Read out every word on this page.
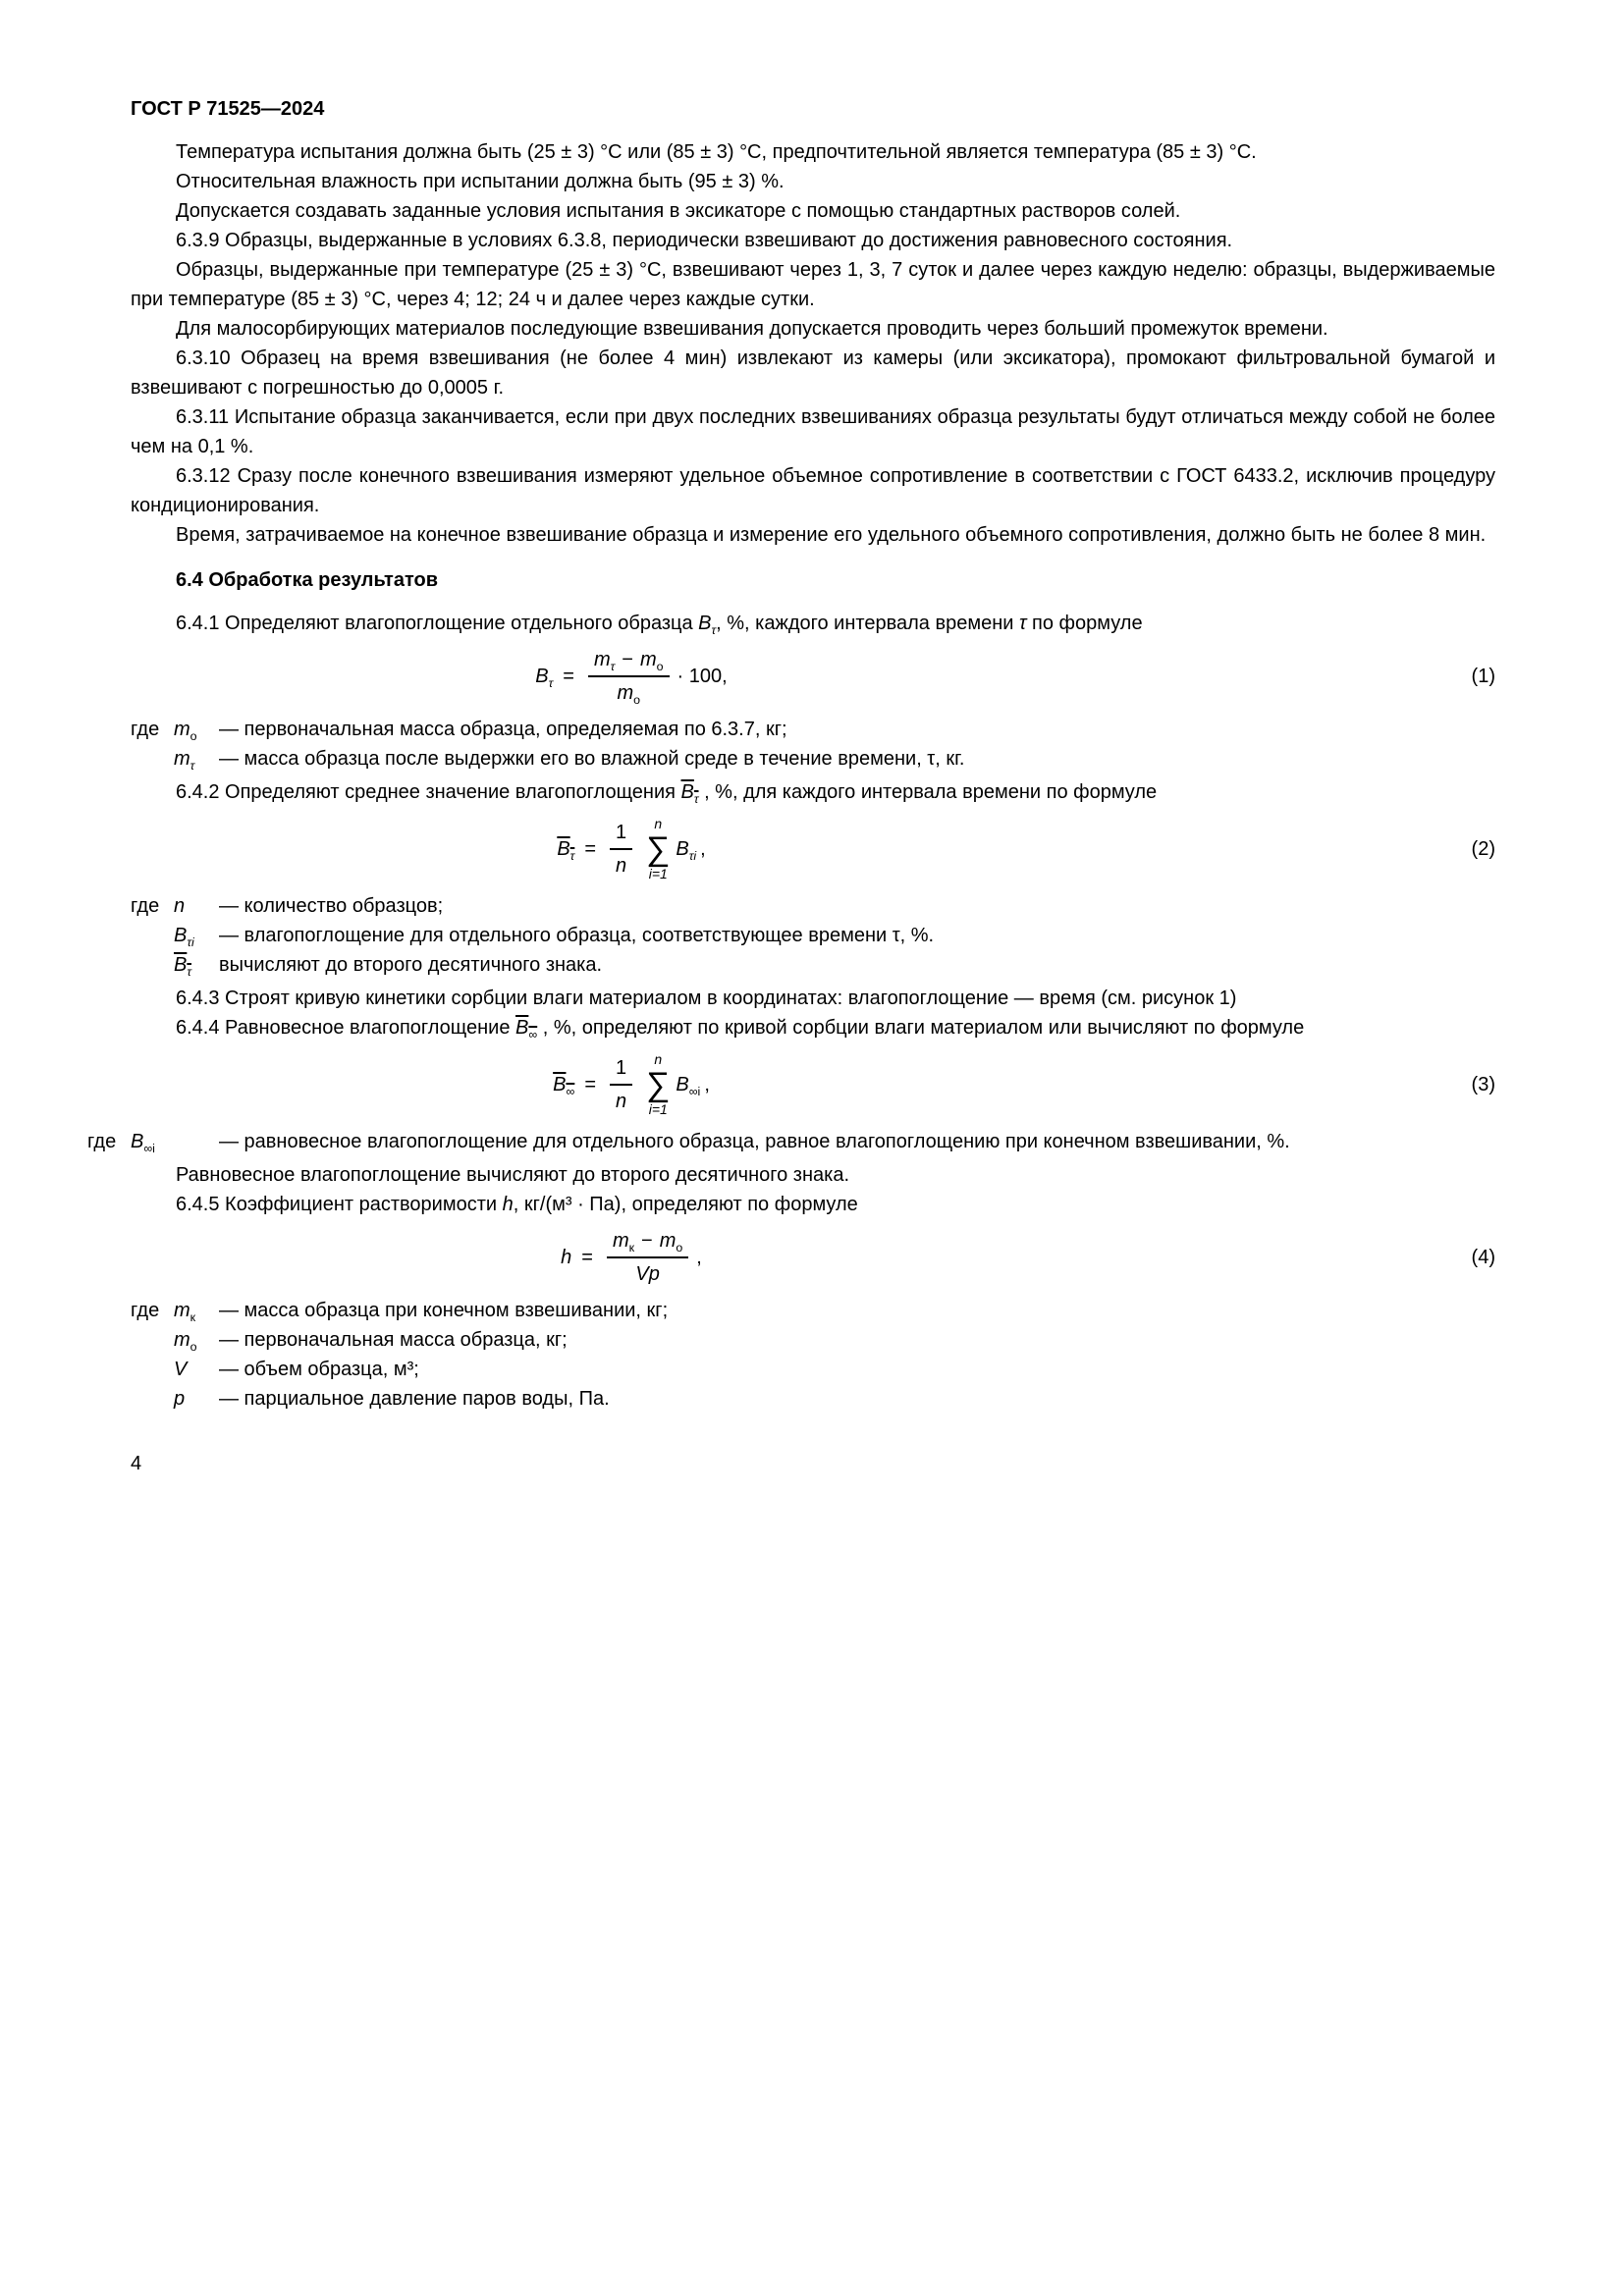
ГОСТ Р 71525—2024

Температура испытания должна быть (25 ± 3) °С или (85 ± 3) °С, предпочтительной является температура (85 ± 3) °С.

Относительная влажность при испытании должна быть (95 ± 3) %.

Допускается создавать заданные условия испытания в эксикаторе с помощью стандартных растворов солей.

6.3.9 Образцы, выдержанные в условиях 6.3.8, периодически взвешивают до достижения равновесного состояния.

Образцы, выдержанные при температуре (25 ± 3) °С, взвешивают через 1, 3, 7 суток и далее через каждую неделю: образцы, выдерживаемые при температуре (85 ± 3) °С, через 4; 12; 24 ч и далее через каждые сутки.

Для малосорбирующих материалов последующие взвешивания допускается проводить через больший промежуток времени.

6.3.10 Образец на время взвешивания (не более 4 мин) извлекают из камеры (или эксикатора), промокают фильтровальной бумагой и взвешивают с погрешностью до 0,0005 г.

6.3.11 Испытание образца заканчивается, если при двух последних взвешиваниях образца результаты будут отличаться между собой не более чем на 0,1 %.

6.3.12 Сразу после конечного взвешивания измеряют удельное объемное сопротивление в соответствии с ГОСТ 6433.2, исключив процедуру кондиционирования.

Время, затрачиваемое на конечное взвешивание образца и измерение его удельного объемного сопротивления, должно быть не более 8 мин.

6.4 Обработка результатов

6.4.1 Определяют влагопоглощение отдельного образца $B_\tau$, %, каждого интервала времени τ по формуле

$B_\tau = \frac{m_\tau - m_о}{m_о} \cdot 100$,	(1)
где $m_о$ — первоначальная масса образца, определяемая по 6.3.7, кг;
$m_\tau$ — масса образца после выдержки его во влажной среде в течение времени, τ, кг.

6.4.2 Определяют среднее значение влагопоглощения $B_\tau$ , %, для каждого интервала времени по формуле

$B_\tau = \frac{1}{n}$ n
∑
i=1
$B_{\tau i}$ ,	(2)
где n — количество образцов;
$B_{\tau i}$ — влагопоглощение для отдельного образца, соответствующее времени τ, %.
$B_\tau$ вычисляют до второго десятичного знака.

6.4.3 Строят кривую кинетики сорбции влаги материалом в координатах: влагопоглощение — время (см. рисунок 1)

6.4.4 Равновесное влагопоглощение $B_\infty$ , %, определяют по кривой сорбции влаги материалом или вычисляют по формуле

$B_\infty = \frac{1}{n}$ n
∑
i=1
$B_{\infty i}$ ,	(3)
где $B_{\infty i}$	— равновесное влагопоглощение для отдельного образца, равное влагопоглощению при конечном взвешивании, %.

Равновесное влагопоглощение вычисляют до второго десятичного знака.

6.4.5 Коэффициент растворимости h, кг/(м³ · Па), определяют по формуле

$h = \frac{m_к - m_о}{Vp}$ ,	(4)
где $m_к$ — масса образца при конечном взвешивании, кг;
$m_о$ — первоначальная масса образца, кг;
V — объем образца, м³;
p — парциальное давление паров воды, Па.
4
